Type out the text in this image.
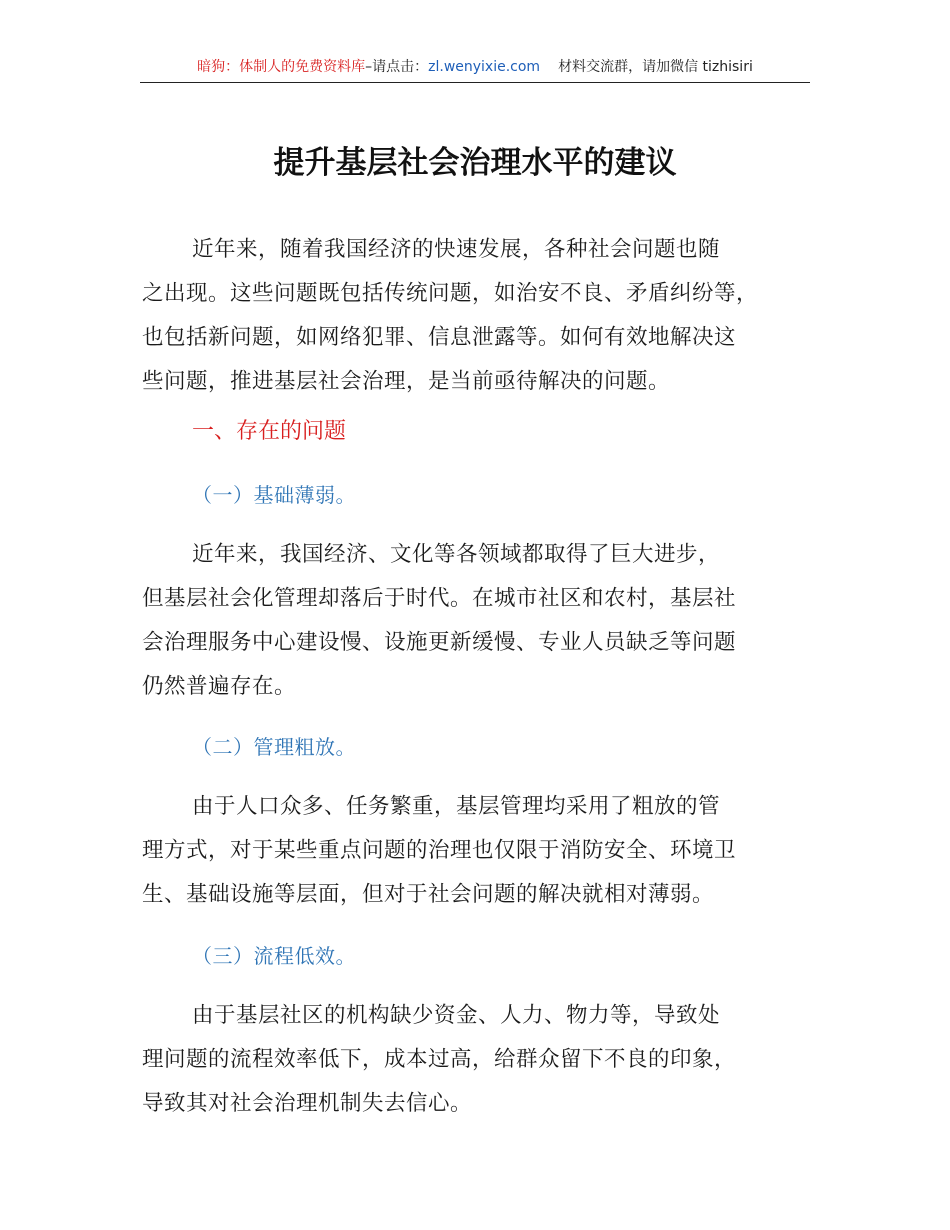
暗狗：体制人的免费资料库–请点击：zl.wenyixie.com 材料交流群，请加微信 tizhisiri
提升基层社会治理水平的建议
近年来，随着我国经济的快速发展，各种社会问题也随
之出现。这些问题既包括传统问题，如治安不良、矛盾纠纷等，
也包括新问题，如网络犯罪、信息泄露等。如何有效地解决这
些问题，推进基层社会治理，是当前亟待解决的问题。
一、存在的问题
（一）基础薄弱。
近年来，我国经济、文化等各领域都取得了巨大进步，
但基层社会化管理却落后于时代。在城市社区和农村，基层社
会治理服务中心建设慢、设施更新缓慢、专业人员缺乏等问题
仍然普遍存在。
（二）管理粗放。
由于人口众多、任务繁重，基层管理均采用了粗放的管
理方式，对于某些重点问题的治理也仅限于消防安全、环境卫
生、基础设施等层面，但对于社会问题的解决就相对薄弱。
（三）流程低效。
由于基层社区的机构缺少资金、人力、物力等，导致处
理问题的流程效率低下，成本过高，给群众留下不良的印象，
导致其对社会治理机制失去信心。
